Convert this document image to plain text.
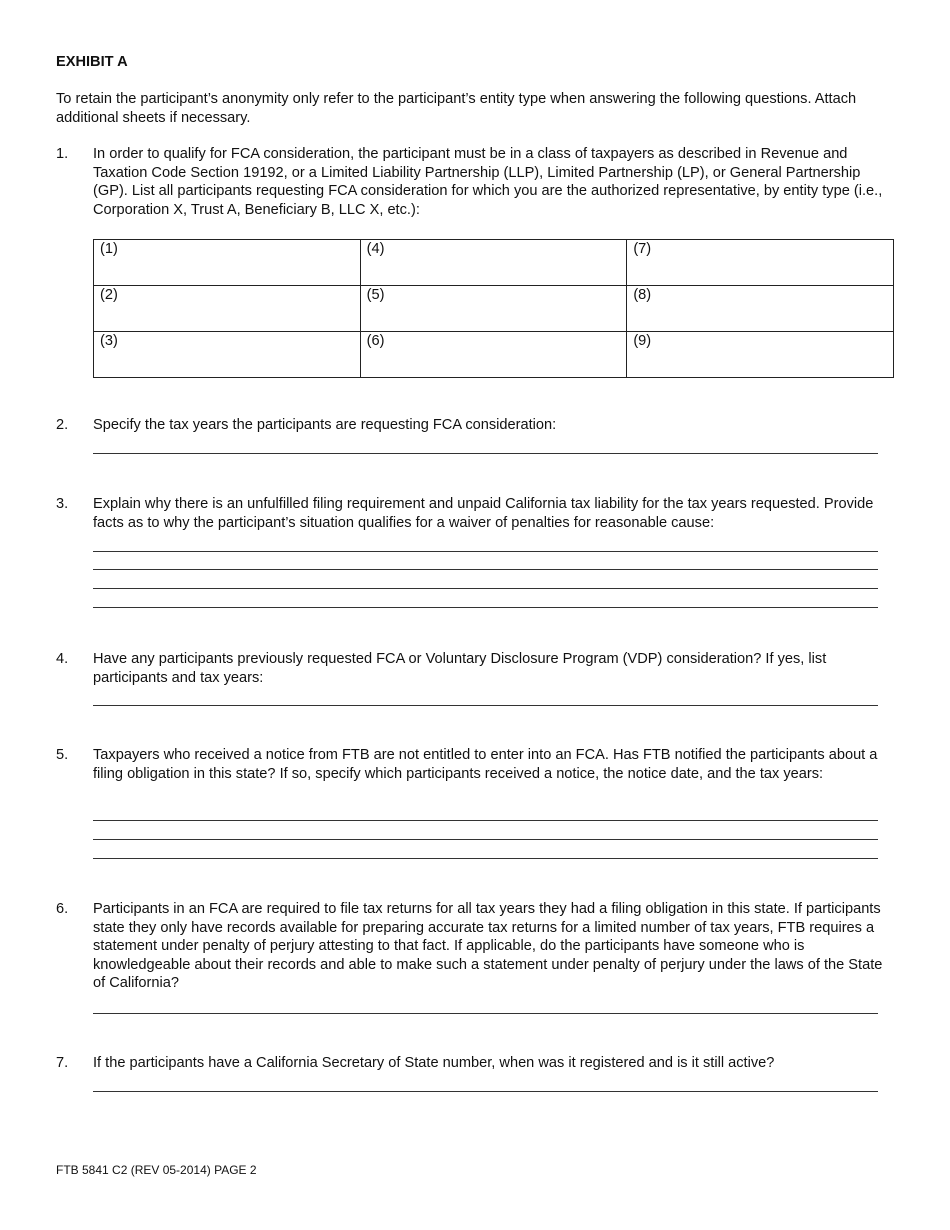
EXHIBIT A
To retain the participant’s anonymity only refer to the participant’s entity type when answering the following questions. Attach additional sheets if necessary.
1. In order to qualify for FCA consideration, the participant must be in a class of taxpayers as described in Revenue and Taxation Code Section 19192, or a Limited Liability Partnership (LLP), Limited Partnership (LP), or General Partnership (GP). List all participants requesting FCA consideration for which you are the authorized representative, by entity type (i.e., Corporation X, Trust A, Beneficiary B, LLC X, etc.):
(1)	(4)	(7)
(2)	(5)	(8)
(3)	(6)	(9)
2. Specify the tax years the participants are requesting FCA consideration:
3. Explain why there is an unfulfilled filing requirement and unpaid California tax liability for the tax years requested. Provide facts as to why the participant’s situation qualifies for a waiver of penalties for reasonable cause:
4. Have any participants previously requested FCA or Voluntary Disclosure Program (VDP) consideration? If yes, list participants and tax years:
5. Taxpayers who received a notice from FTB are not entitled to enter into an FCA. Has FTB notified the participants about a filing obligation in this state? If so, specify which participants received a notice, the notice date, and the tax years:
6. Participants in an FCA are required to file tax returns for all tax years they had a filing obligation in this state. If participants state they only have records available for preparing accurate tax returns for a limited number of tax years, FTB requires a statement under penalty of perjury attesting to that fact. If applicable, do the participants have someone who is knowledgeable about their records and able to make such a statement under penalty of perjury under the laws of the State of California?
7. If the participants have a California Secretary of State number, when was it registered and is it still active?
FTB 5841 C2 (REV 05-2014) PAGE 2
